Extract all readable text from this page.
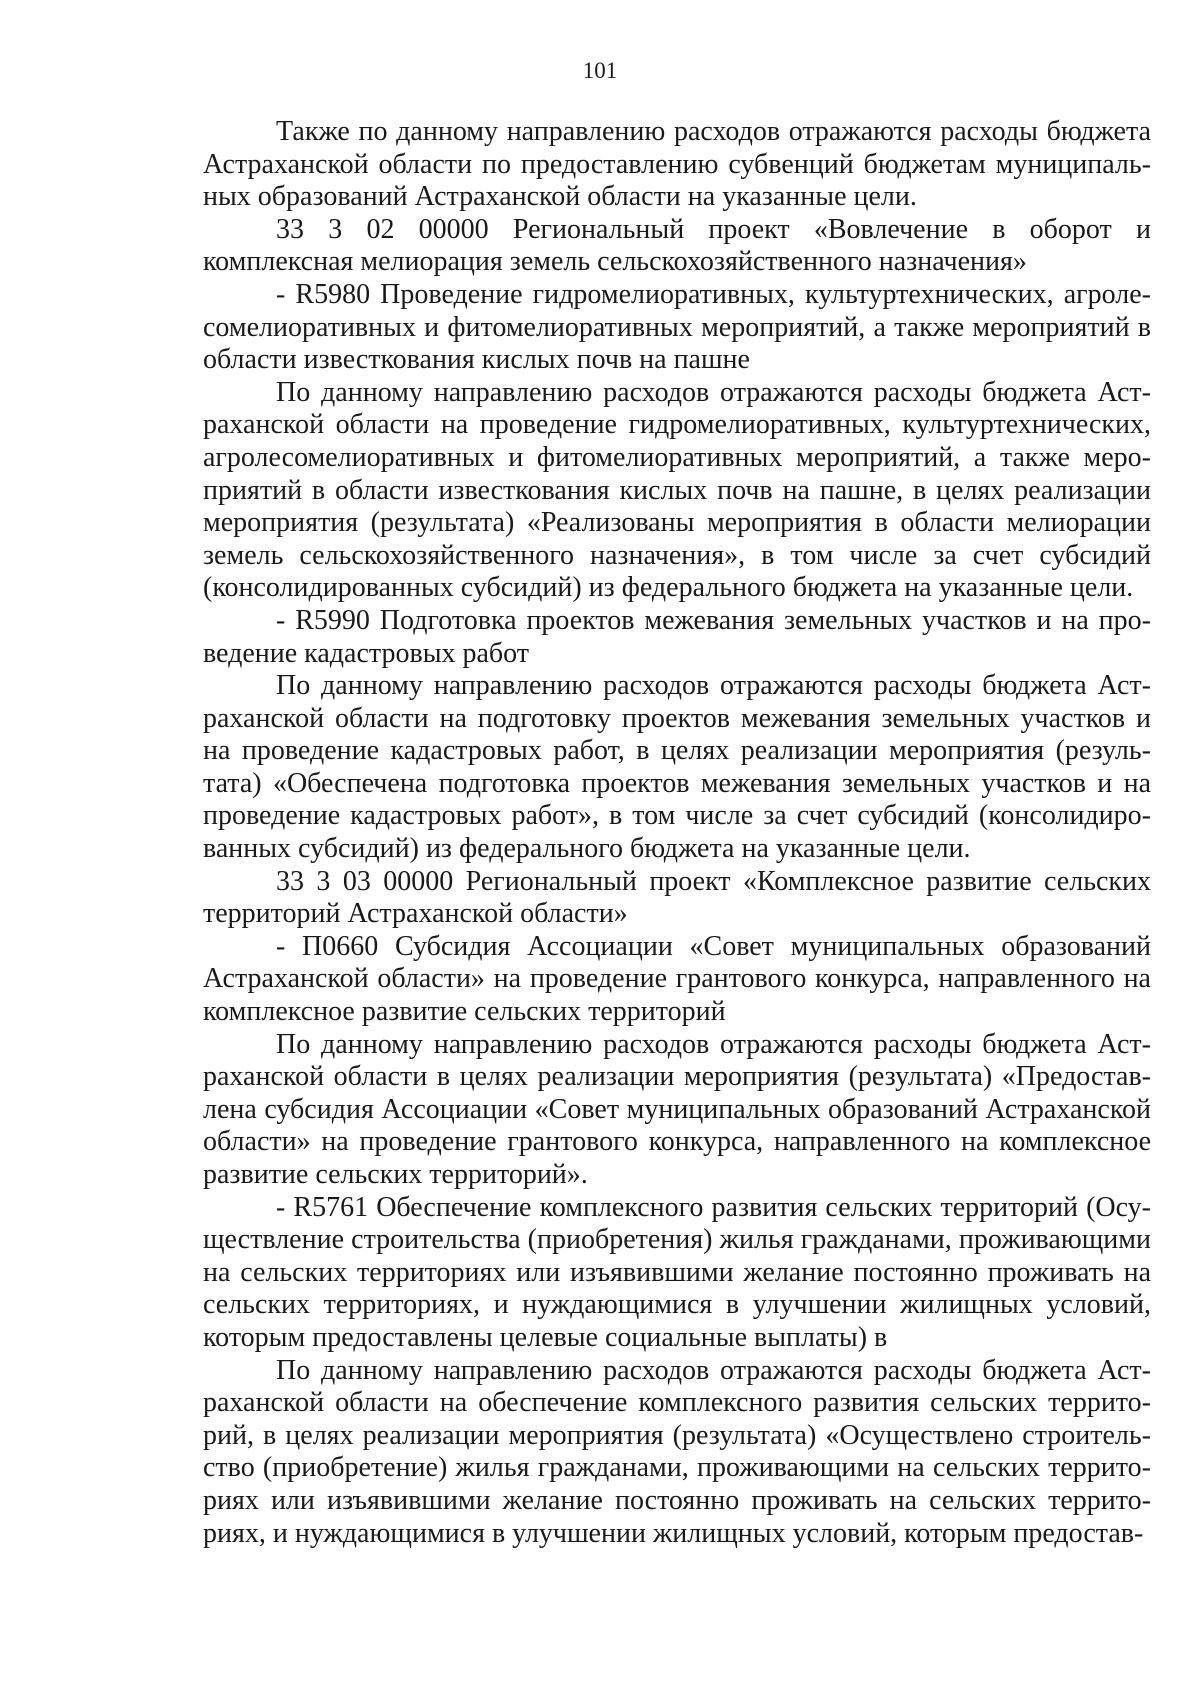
101

Также по данному направлению расходов отражаются расходы бюджета Астраханской области по предоставлению субвенций бюджетам муниципальных образований Астраханской области на указанные цели.

33 3 02 00000 Региональный проект «Вовлечение в оборот и комплексная мелиорация земель сельскохозяйственного назначения»

- R5980 Проведение гидромелиоративных, культуртехнических, агролесомелиоративных и фитомелиоративных мероприятий, а также мероприятий в области известкования кислых почв на пашне

По данному направлению расходов отражаются расходы бюджета Астраханской области на проведение гидромелиоративных, культуртехнических, агролесомелиоративных и фитомелиоративных мероприятий, а также мероприятий в области известкования кислых почв на пашне, в целях реализации мероприятия (результата) «Реализованы мероприятия в области мелиорации земель сельскохозяйственного назначения», в том числе за счет субсидий (консолидированных субсидий) из федерального бюджета на указанные цели.

- R5990 Подготовка проектов межевания земельных участков и на проведение кадастровых работ

По данному направлению расходов отражаются расходы бюджета Астраханской области на подготовку проектов межевания земельных участков и на проведение кадастровых работ, в целях реализации мероприятия (результата) «Обеспечена подготовка проектов межевания земельных участков и на проведение кадастровых работ», в том числе за счет субсидий (консолидированных субсидий) из федерального бюджета на указанные цели.

33 3 03 00000 Региональный проект «Комплексное развитие сельских территорий Астраханской области»

- П0660 Субсидия Ассоциации «Совет муниципальных образований Астраханской области» на проведение грантового конкурса, направленного на комплексное развитие сельских территорий

По данному направлению расходов отражаются расходы бюджета Астраханской области в целях реализации мероприятия (результата) «Предоставлена субсидия Ассоциации «Совет муниципальных образований Астраханской области» на проведение грантового конкурса, направленного на комплексное развитие сельских территорий».

- R5761 Обеспечение комплексного развития сельских территорий (Осуществление строительства (приобретения) жилья гражданами, проживающими на сельских территориях или изъявившими желание постоянно проживать на сельских территориях, и нуждающимися в улучшении жилищных условий, которым предоставлены целевые социальные выплаты) в

По данному направлению расходов отражаются расходы бюджета Астраханской области на обеспечение комплексного развития сельских территорий, в целях реализации мероприятия (результата) «Осуществлено строительство (приобретение) жилья гражданами, проживающими на сельских территориях или изъявившими желание постоянно проживать на сельских территориях, и нуждающимися в улучшении жилищных условий, которым предостав-
